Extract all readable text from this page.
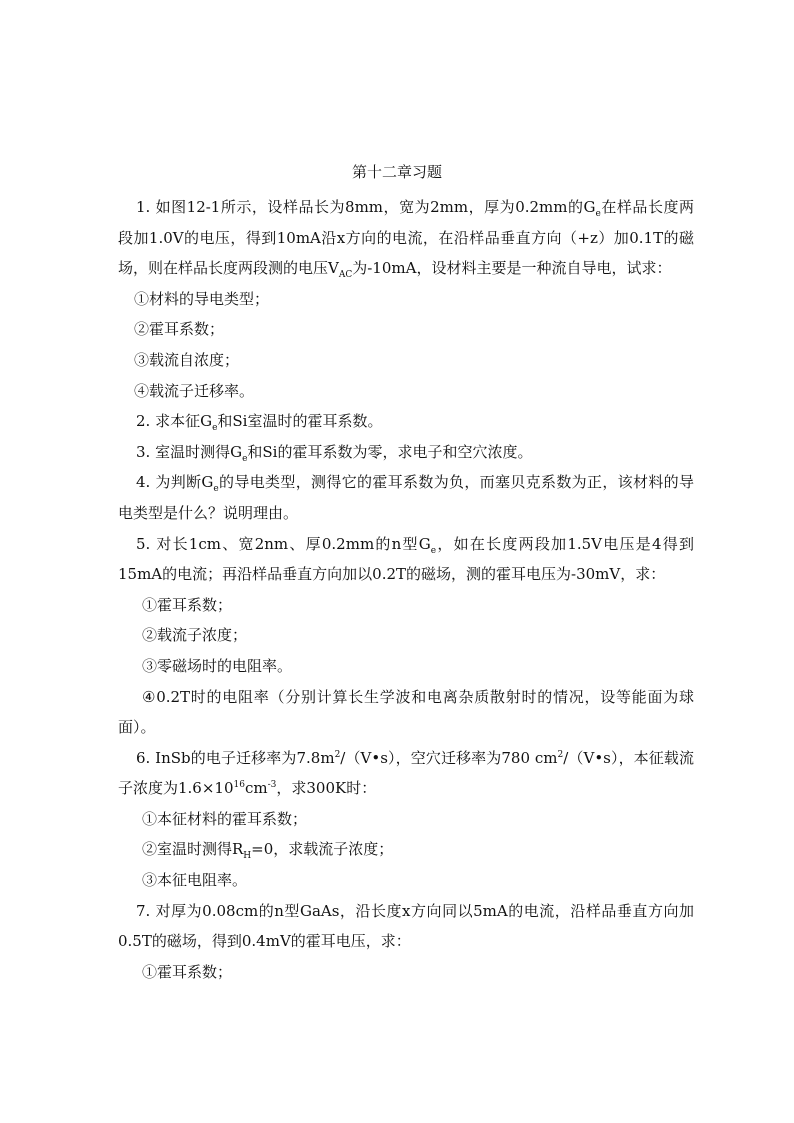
第十二章习题

1. 如图12-1所示，设样品长为8mm，宽为2mm，厚为0.2mm的$G_e$在样品长度两段加1.0V的电压，得到10mA沿x方向的电流，在沿样品垂直方向（+z）加0.1T的磁场，则在样品长度两段测的电压$V_{AC}$为-10mA，设材料主要是一种流自导电，试求：

①材料的导电类型；

②霍耳系数；

③载流自浓度；

④载流子迁移率。

2. 求本征$G_e$和Si室温时的霍耳系数。

3. 室温时测得$G_e$和Si的霍耳系数为零，求电子和空穴浓度。

4. 为判断$G_e$的导电类型，测得它的霍耳系数为负，而塞贝克系数为正，该材料的导电类型是什么？说明理由。

5. 对长1cm、宽2nm、厚0.2mm的n型$G_e$，如在长度两段加1.5V电压是4得到15mA的电流；再沿样品垂直方向加以0.2T的磁场，测的霍耳电压为-30mV，求：

①霍耳系数；

②载流子浓度；

③零磁场时的电阻率。

④0.2T时的电阻率（分别计算长生学波和电离杂质散射时的情况，设等能面为球面）。

6. InSb的电子迁移率为$7.8m^2/(V•s)$，空穴迁移率为780 $cm^2/(V•s)$，本征载流子浓度为$1.6\times 10^{16}cm^{-3}$，求300K时：

①本征材料的霍耳系数；

②室温时测得$R_H=0$，求载流子浓度；

③本征电阻率。

7. 对厚为0.08cm的n型GaAs，沿长度x方向同以5mA的电流，沿样品垂直方向加0.5T的磁场，得到0.4mV的霍耳电压，求：

①霍耳系数；
